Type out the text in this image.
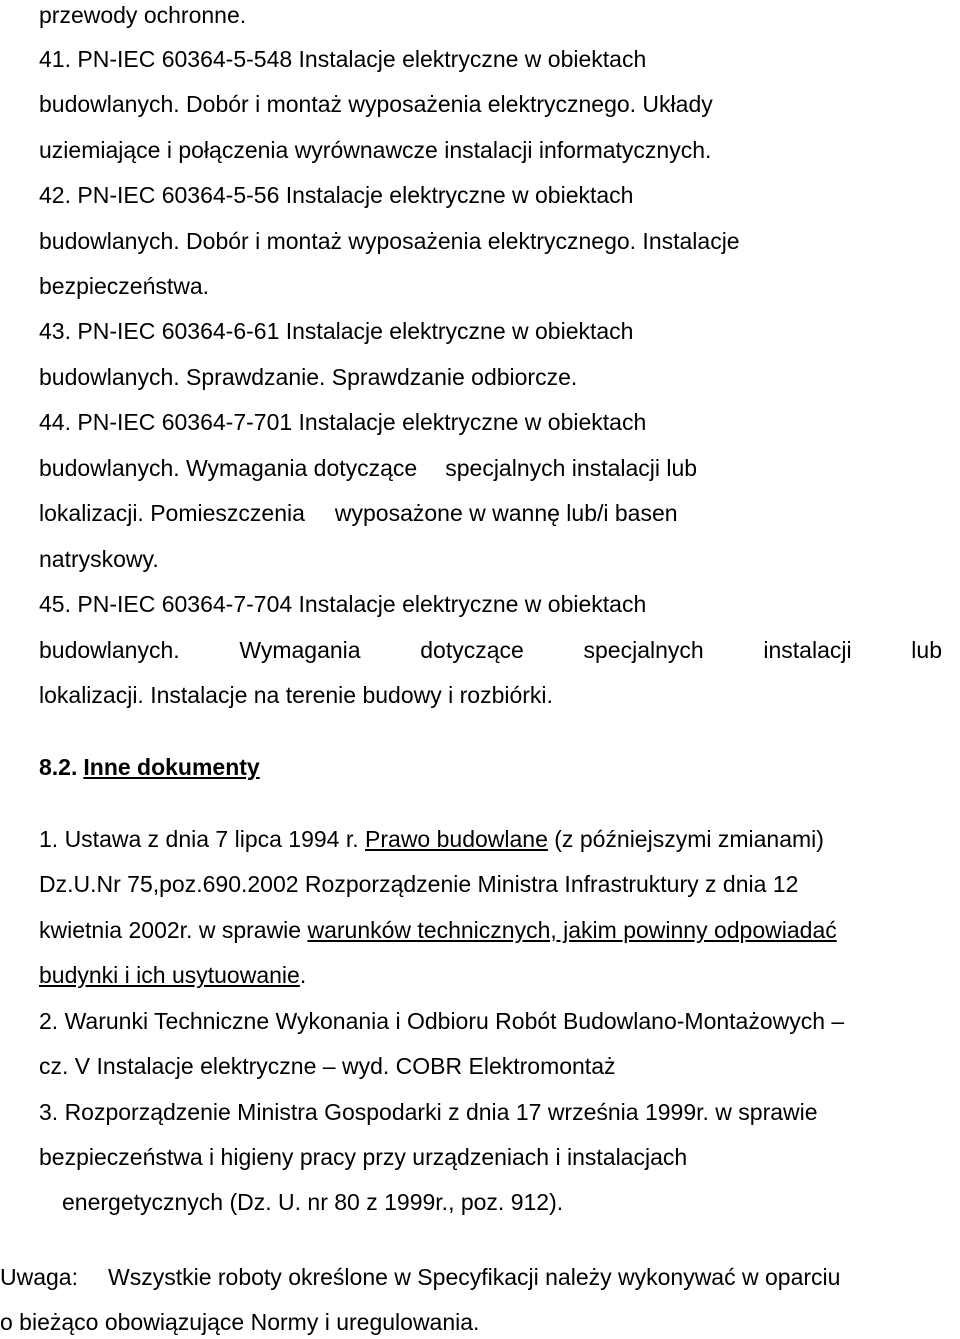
przewody ochronne.
41. PN-IEC 60364-5-548 Instalacje elektryczne w obiektach
budowlanych. Dobór i montaż wyposażenia elektrycznego. Układy
uziemiające i połączenia wyrównawcze instalacji informatycznych.
42. PN-IEC 60364-5-56 Instalacje elektryczne w obiektach
budowlanych. Dobór i montaż wyposażenia elektrycznego. Instalacje
bezpieczeństwa.
43. PN-IEC 60364-6-61 Instalacje elektryczne w obiektach
budowlanych. Sprawdzanie. Sprawdzanie odbiorcze.
44. PN-IEC 60364-7-701 Instalacje elektryczne w obiektach
budowlanych. Wymagania dotyczące specjalnych instalacji lub
lokalizacji. Pomieszczenia wyposażone w wannę lub/i basen
natryskowy.
45. PN-IEC 60364-7-704 Instalacje elektryczne w obiektach
budowlanych.	Wymagania	dotyczące	specjalnych	instalacji	lub
lokalizacji. Instalacje na terenie budowy i rozbiórki.
8.2. Inne dokumenty
1. Ustawa z dnia 7 lipca 1994 r. Prawo budowlane (z późniejszymi zmianami)
Dz.U.Nr 75,poz.690.2002 Rozporządzenie Ministra Infrastruktury z dnia 12
kwietnia 2002r. w sprawie warunków technicznych, jakim powinny odpowiadać
budynki i ich usytuowanie.
2. Warunki Techniczne Wykonania i Odbioru Robót Budowlano-Montażowych –
cz. V Instalacje elektryczne – wyd. COBR Elektromontaż
3. Rozporządzenie Ministra Gospodarki z dnia 17 września 1999r. w sprawie
bezpieczeństwa i higieny pracy przy urządzeniach i instalacjach
energetycznych (Dz. U. nr 80 z 1999r., poz. 912).
Uwaga: Wszystkie roboty określone w Specyfikacji należy wykonywać w oparciu
o bieżąco obowiązujące Normy i uregulowania.
